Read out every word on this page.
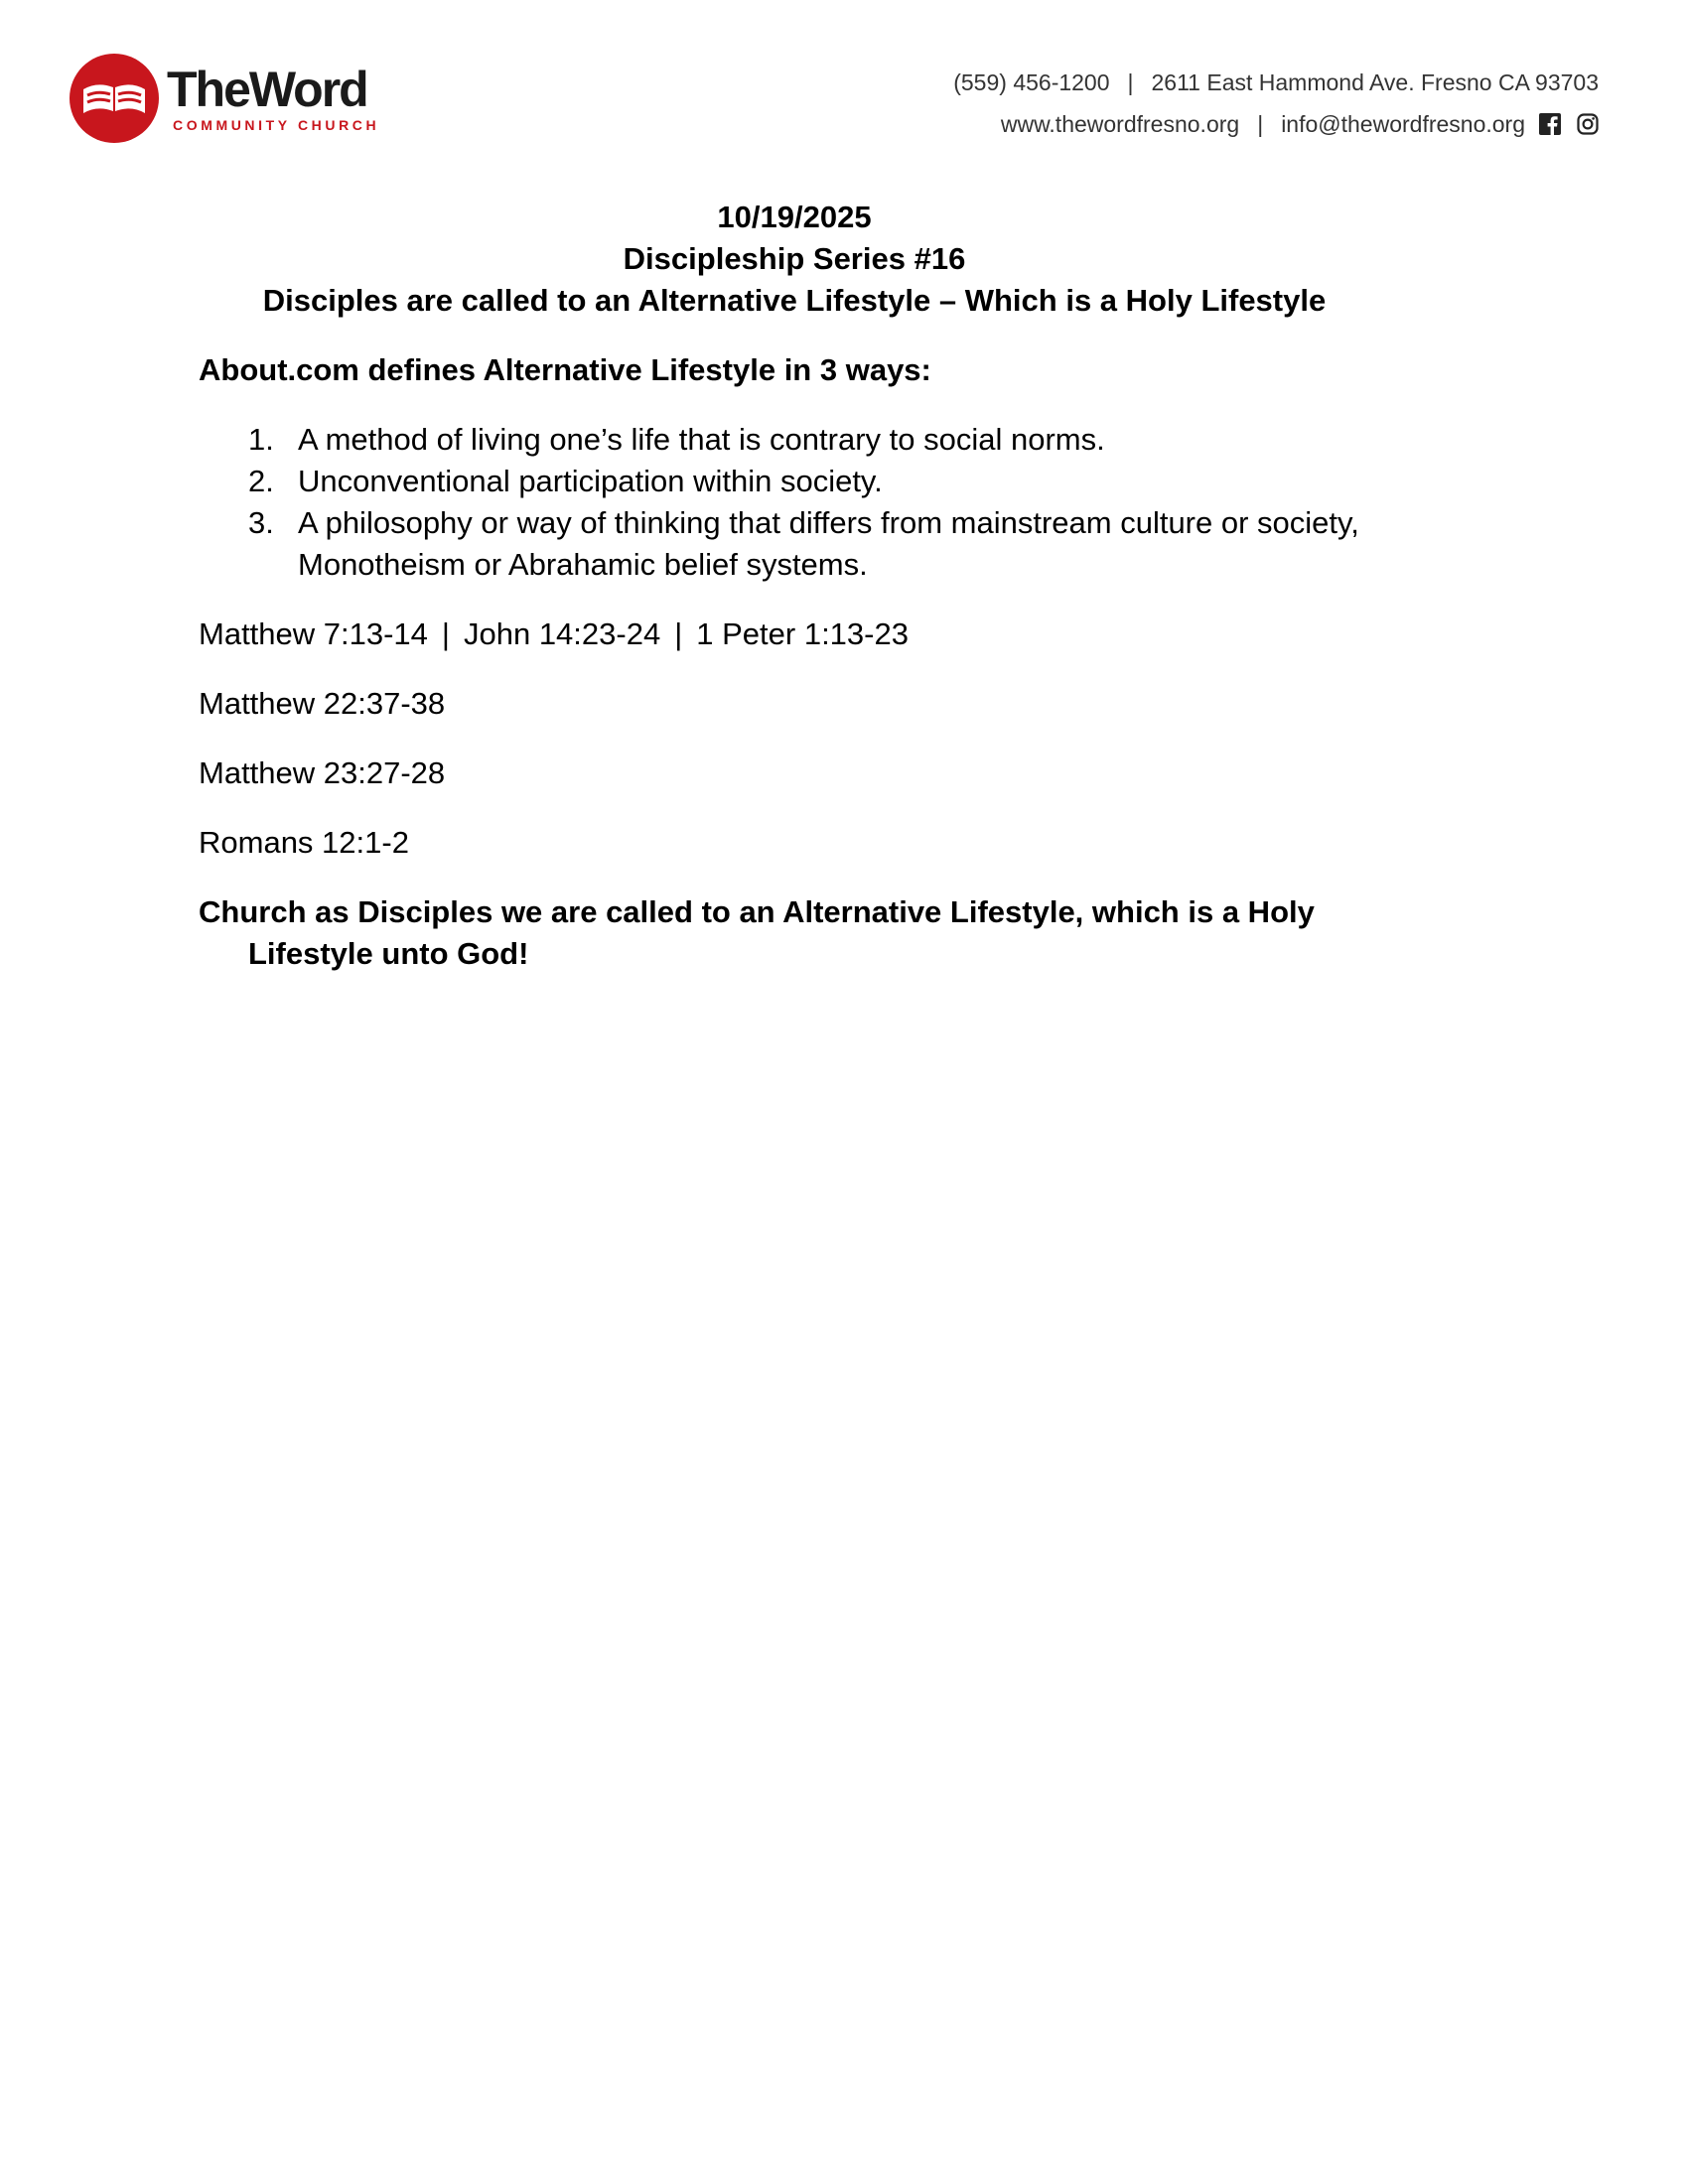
TheWord
COMMUNITY CHURCH
(559) 456-1200 | 2611 East Hammond Ave. Fresno CA 93703
www.thewordfresno.org | info@thewordfresno.org
10/19/2025
Discipleship Series #16
Disciples are called to an Alternative Lifestyle – Which is a Holy Lifestyle
About.com defines Alternative Lifestyle in 3 ways:
1. A method of living one’s life that is contrary to social norms.
2. Unconventional participation within society.
3. A philosophy or way of thinking that differs from mainstream culture or society, Monotheism or Abrahamic belief systems.
Matthew 7:13-14 | John 14:23-24 | 1 Peter 1:13-23
Matthew 22:37-38
Matthew 23:27-28
Romans 12:1-2
Church as Disciples we are called to an Alternative Lifestyle, which is a Holy
Lifestyle unto God!
